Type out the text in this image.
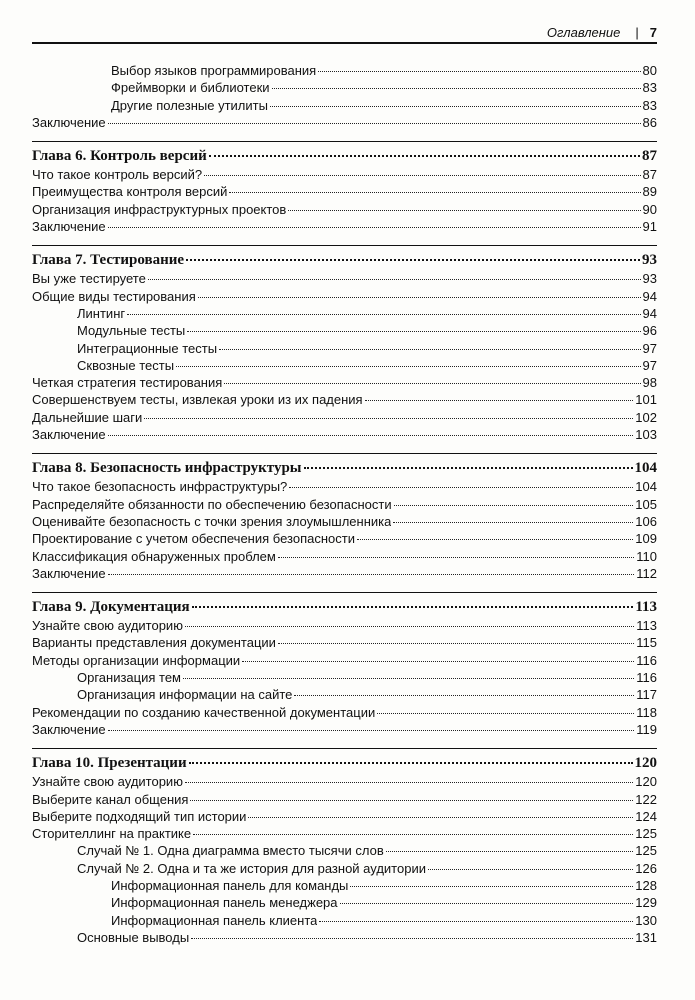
Оглавление | 7
Выбор языков программирования	80
Фреймворки и библиотеки	83
Другие полезные утилиты	83
Заключение	86
Глава 6. Контроль версий	87
Что такое контроль версий?	87
Преимущества контроля версий	89
Организация инфраструктурных проектов	90
Заключение	91
Глава 7. Тестирование	93
Вы уже тестируете	93
Общие виды тестирования	94
Линтинг	94
Модульные тесты	96
Интеграционные тесты	97
Сквозные тесты	97
Четкая стратегия тестирования	98
Совершенствуем тесты, извлекая уроки из их падения	101
Дальнейшие шаги	102
Заключение	103
Глава 8. Безопасность инфраструктуры	104
Что такое безопасность инфраструктуры?	104
Распределяйте обязанности по обеспечению безопасности	105
Оценивайте безопасность с точки зрения злоумышленника	106
Проектирование с учетом обеспечения безопасности	109
Классификация обнаруженных проблем	110
Заключение	112
Глава 9. Документация	113
Узнайте свою аудиторию	113
Варианты представления документации	115
Методы организации информации	116
Организация тем	116
Организация информации на сайте	117
Рекомендации по созданию качественной документации	118
Заключение	119
Глава 10. Презентации	120
Узнайте свою аудиторию	120
Выберите канал общения	122
Выберите подходящий тип истории	124
Сторителлинг на практике	125
Случай № 1. Одна диаграмма вместо тысячи слов	125
Случай № 2. Одна и та же история для разной аудитории	126
Информационная панель для команды	128
Информационная панель менеджера	129
Информационная панель клиента	130
Основные выводы	131
